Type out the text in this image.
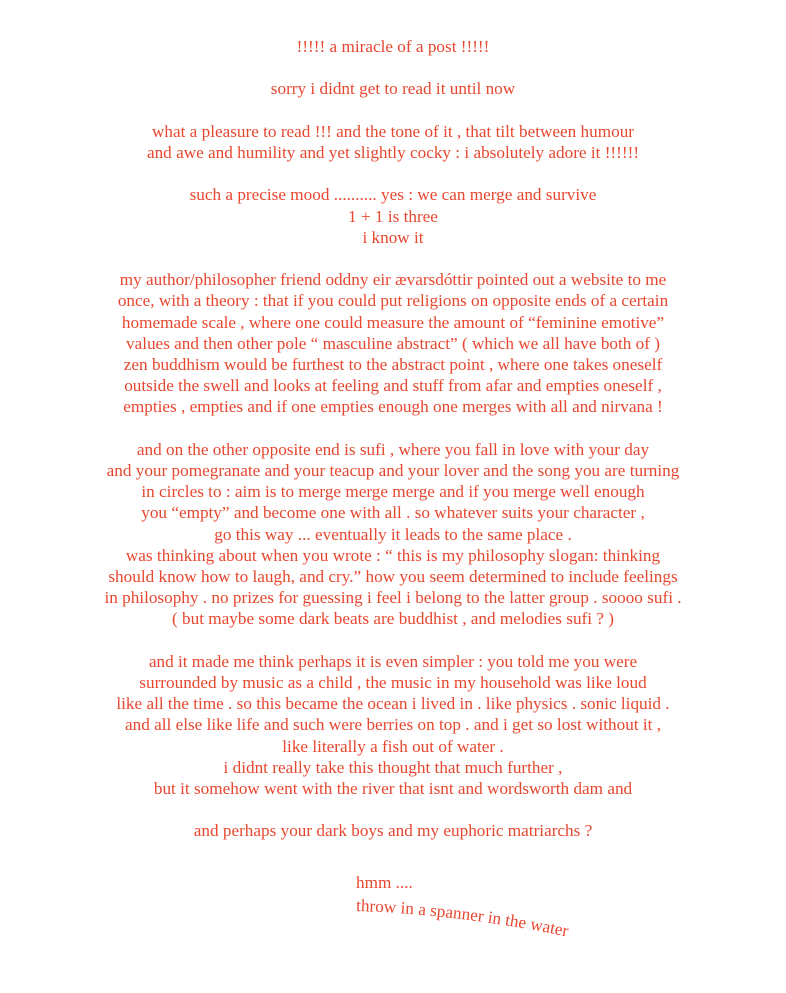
!!!!! a miracle of a post !!!!!
sorry i didnt get to read it until now
what a pleasure to read !!! and the tone of it , that tilt between humour
and awe and humility and yet slightly cocky : i absolutely adore it !!!!!!
such a precise mood .......... yes : we can merge and survive
1 + 1 is three
i know it
my author/philosopher friend oddny eir ævarsdóttir pointed out a website to me
once, with a theory : that if you could put religions on opposite ends of a certain
homemade scale , where one could measure the amount of “feminine emotive”
values and then other pole “ masculine abstract” ( which we all have both of )
zen buddhism would be furthest to the abstract point , where one takes oneself
outside the swell and looks at feeling and stuff from afar and empties oneself ,
empties , empties and if one empties enough one merges with all and nirvana !
and on the other opposite end is sufi , where you fall in love with your day
and your pomegranate and your teacup and your lover and the song you are turning
in circles to : aim is to merge merge merge and if you merge well enough
you “empty” and become one with all . so whatever suits your character ,
go this way ... eventually it leads to the same place .
was thinking about when you wrote : “ this is my philosophy slogan: thinking
should know how to laugh, and cry.” how you seem determined to include feelings
in philosophy . no prizes for guessing i feel i belong to the latter group . soooo sufi .
( but maybe some dark beats are buddhist , and melodies sufi ? )
and it made me think perhaps it is even simpler : you told me you were
surrounded by music as a child , the music in my household was like loud
like all the time . so this became the ocean i lived in . like physics . sonic liquid .
and all else like life and such were berries on top . and i get so lost without it ,
like literally a fish out of water .
i didnt really take this thought that much further ,
but it somehow went with the river that isnt and wordsworth dam and
and perhaps your dark boys and my euphoric matriarchs ?
hmm ....
throw in a spanner in the water
